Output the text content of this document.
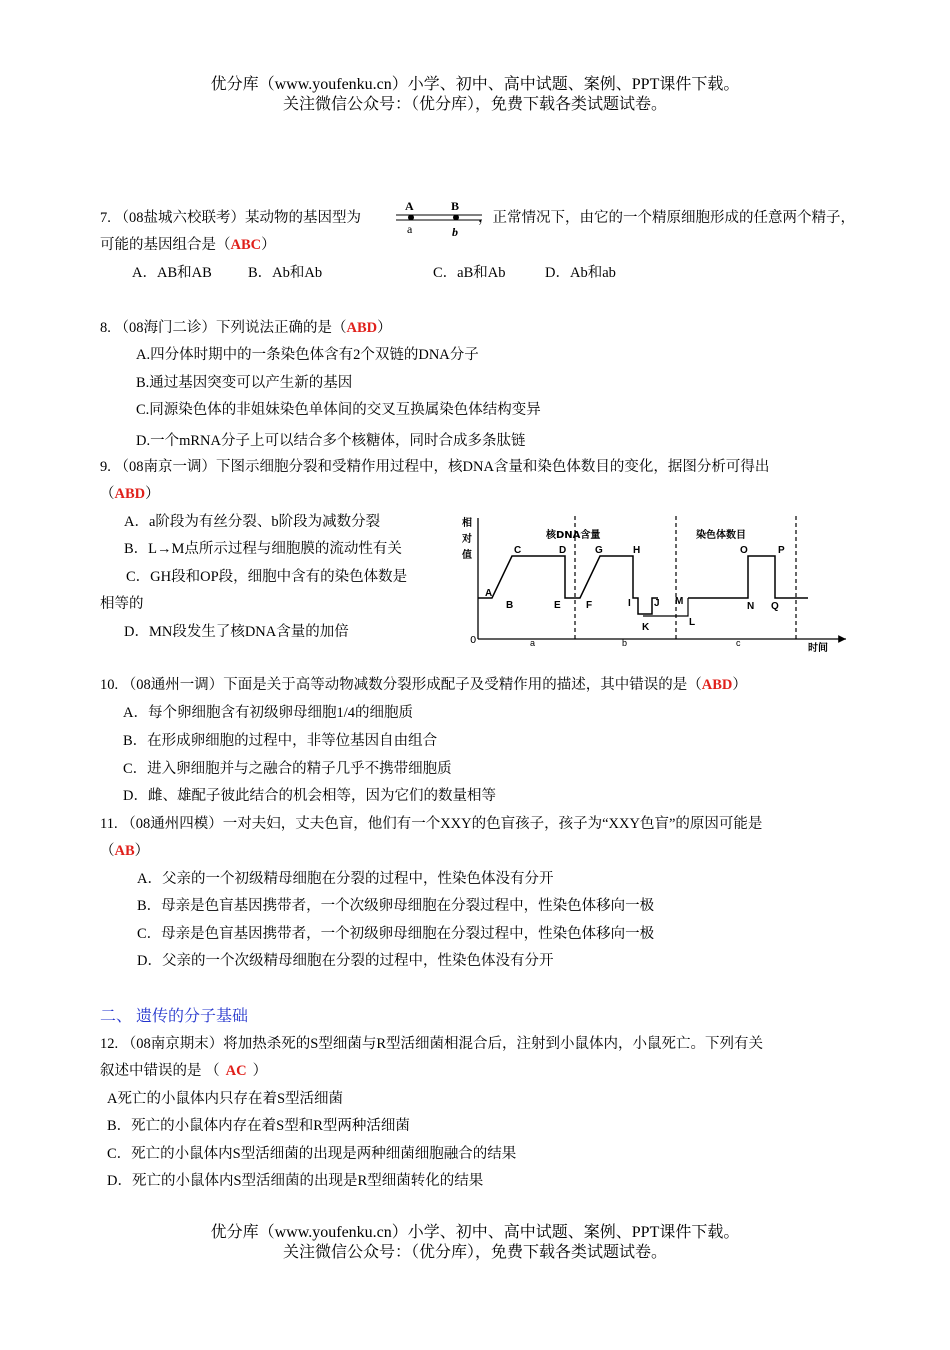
优分库（www.youfenku.cn）小学、初中、高中试题、案例、PPT课件下载。
关注微信公众号：（优分库），免费下载各类试题试卷。
7. （08盐城六校联考）某动物的基因型为
A
a
B
b
，正常情况下，由它的一个精原细胞形成的任意两个精子，
可能的基因组合是（ABC）
A．AB和AB B．Ab和Ab	C．aB和Ab	D．Ab和ab
8. （08海门二诊）下列说法正确的是（ABD）
A.四分体时期中的一条染色体含有2个双链的DNA分子
B.通过基因突变可以产生新的基因
C.同源染色体的非姐妹染色单体间的交叉互换属染色体结构变异
D.一个mRNA分子上可以结合多个核糖体，同时合成多条肽链
9. （08南京一调）下图示细胞分裂和受精作用过程中，核DNA含量和染色体数目的变化，据图分析可得出
（ABD）
A．a阶段为有丝分裂、b阶段为减数分裂
B．L→M点所示过程与细胞膜的流动性有关
C．GH段和OP段，细胞中含有的染色体数是
相等的
D．MN段发生了核DNA含量的加倍
相
对
值
0
核DNA含量	染色体数目
A
B
C	D
E	F
G	H
I J
K	L
M	N
O	P
Q
a	b	c	时间
10. （08通州一调）下面是关于高等动物减数分裂形成配子及受精作用的描述，其中错误的是（ABD）
A．每个卵细胞含有初级卵母细胞1/4的细胞质
B．在形成卵细胞的过程中，非等位基因自由组合
C．进入卵细胞并与之融合的精子几乎不携带细胞质
D．雌、雄配子彼此结合的机会相等，因为它们的数量相等
11. （08通州四模）一对夫妇，丈夫色盲，他们有一个XXY的色盲孩子，孩子为“XXY色盲”的原因可能是
（AB）
A．父亲的一个初级精母细胞在分裂的过程中，性染色体没有分开
B．母亲是色盲基因携带者，一个次级卵母细胞在分裂过程中，性染色体移向一极
C．母亲是色盲基因携带者，一个初级卵母细胞在分裂过程中，性染色体移向一极
D．父亲的一个次级精母细胞在分裂的过程中，性染色体没有分开
二、 遗传的分子基础
12. （08南京期末）将加热杀死的S型细菌与R型活细菌相混合后，注射到小鼠体内，小鼠死亡。下列有关
叙述中错误的是 （ AC ）
A死亡的小鼠体内只存在着S型活细菌
B．死亡的小鼠体内存在着S型和R型两种活细菌
C．死亡的小鼠体内S型活细菌的出现是两种细菌细胞融合的结果
D．死亡的小鼠体内S型活细菌的出现是R型细菌转化的结果
优分库（www.youfenku.cn）小学、初中、高中试题、案例、PPT课件下载。
关注微信公众号：（优分库），免费下载各类试题试卷。
